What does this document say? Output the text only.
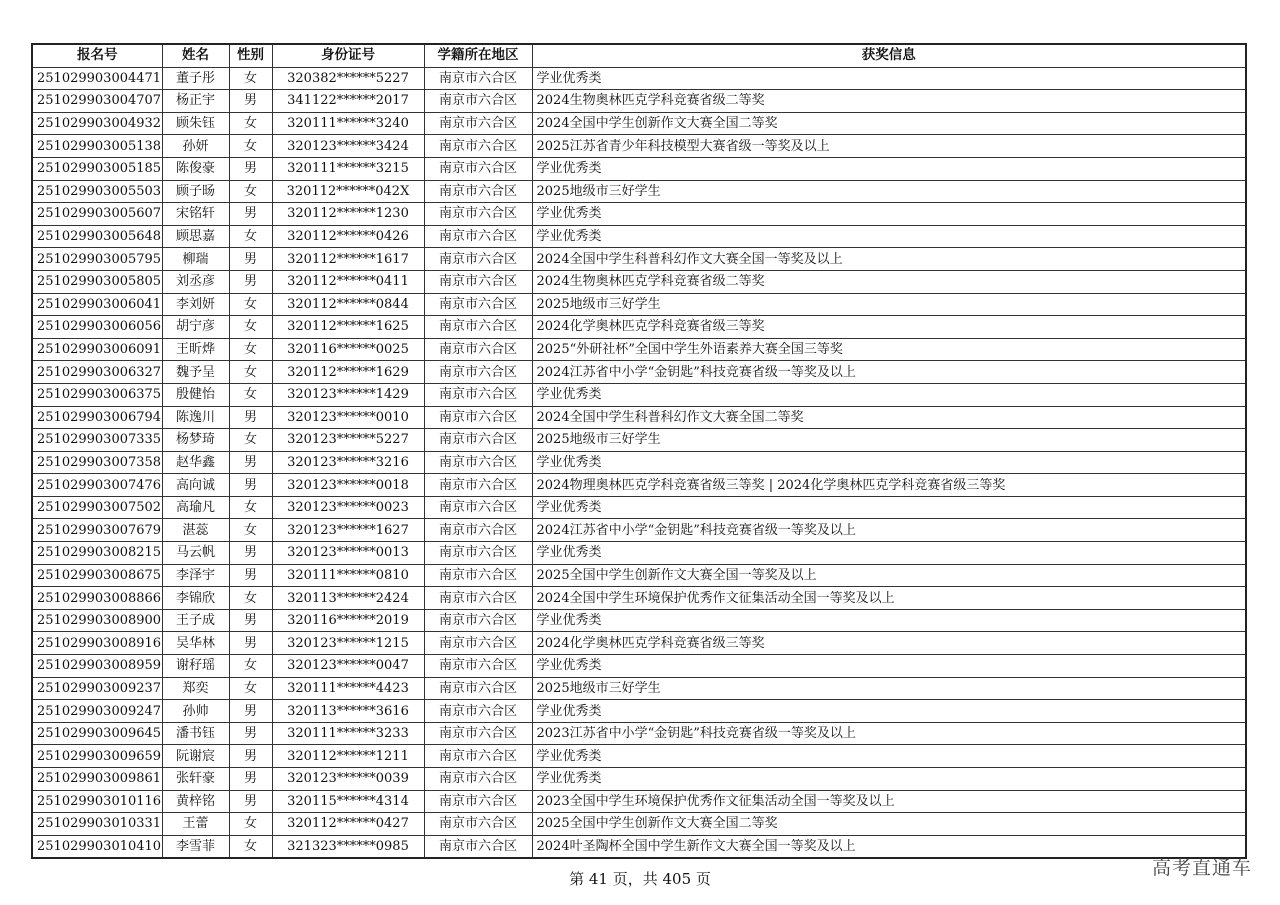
报名号	姓名	性别	身份证号	学籍所在地区	获奖信息
251029903004471	董子彤	女	320382******5227	南京市六合区	学业优秀类
251029903004707	杨正宇	男	341122******2017	南京市六合区	2024生物奥林匹克学科竞赛省级二等奖
251029903004932	顾朱钰	女	320111******3240	南京市六合区	2024全国中学生创新作文大赛全国二等奖
251029903005138	孙妍	女	320123******3424	南京市六合区	2025江苏省青少年科技模型大赛省级一等奖及以上
251029903005185	陈俊豪	男	320111******3215	南京市六合区	学业优秀类
251029903005503	顾子旸	女	320112******042X	南京市六合区	2025地级市三好学生
251029903005607	宋铭轩	男	320112******1230	南京市六合区	学业优秀类
251029903005648	顾思嘉	女	320112******0426	南京市六合区	学业优秀类
251029903005795	柳瑞	男	320112******1617	南京市六合区	2024全国中学生科普科幻作文大赛全国一等奖及以上
251029903005805	刘丞彦	男	320112******0411	南京市六合区	2024生物奥林匹克学科竞赛省级二等奖
251029903006041	李刘妍	女	320112******0844	南京市六合区	2025地级市三好学生
251029903006056	胡宁彦	女	320112******1625	南京市六合区	2024化学奥林匹克学科竞赛省级三等奖
251029903006091	王昕烨	女	320116******0025	南京市六合区	2025“外研社杯”全国中学生外语素养大赛全国三等奖
251029903006327	魏予呈	女	320112******1629	南京市六合区	2024江苏省中小学“金钥匙”科技竞赛省级一等奖及以上
251029903006375	殷健怡	女	320123******1429	南京市六合区	学业优秀类
251029903006794	陈逸川	男	320123******0010	南京市六合区	2024全国中学生科普科幻作文大赛全国二等奖
251029903007335	杨梦琦	女	320123******5227	南京市六合区	2025地级市三好学生
251029903007358	赵华鑫	男	320123******3216	南京市六合区	学业优秀类
251029903007476	高向诚	男	320123******0018	南京市六合区	2024物理奥林匹克学科竞赛省级三等奖 | 2024化学奥林匹克学科竞赛省级三等奖
251029903007502	高瑜凡	女	320123******0023	南京市六合区	学业优秀类
251029903007679	湛蕊	女	320123******1627	南京市六合区	2024江苏省中小学“金钥匙”科技竞赛省级一等奖及以上
251029903008215	马云帆	男	320123******0013	南京市六合区	学业优秀类
251029903008675	李泽宇	男	320111******0810	南京市六合区	2025全国中学生创新作文大赛全国一等奖及以上
251029903008866	李锦欣	女	320113******2424	南京市六合区	2024全国中学生环境保护优秀作文征集活动全国一等奖及以上
251029903008900	王子成	男	320116******2019	南京市六合区	学业优秀类
251029903008916	吴华林	男	320123******1215	南京市六合区	2024化学奥林匹克学科竞赛省级三等奖
251029903008959	谢秄瑶	女	320123******0047	南京市六合区	学业优秀类
251029903009237	郑奕	女	320111******4423	南京市六合区	2025地级市三好学生
251029903009247	孙帅	男	320113******3616	南京市六合区	学业优秀类
251029903009645	潘书钰	男	320111******3233	南京市六合区	2023江苏省中小学“金钥匙”科技竞赛省级一等奖及以上
251029903009659	阮谢宸	男	320112******1211	南京市六合区	学业优秀类
251029903009861	张轩豪	男	320123******0039	南京市六合区	学业优秀类
251029903010116	黄梓铭	男	320115******4314	南京市六合区	2023全国中学生环境保护优秀作文征集活动全国一等奖及以上
251029903010331	王蕾	女	320112******0427	南京市六合区	2025全国中学生创新作文大赛全国二等奖
251029903010410	李雪菲	女	321323******0985	南京市六合区	2024叶圣陶杯全国中学生新作文大赛全国一等奖及以上
第 41 页，共 405 页	高考直通车
